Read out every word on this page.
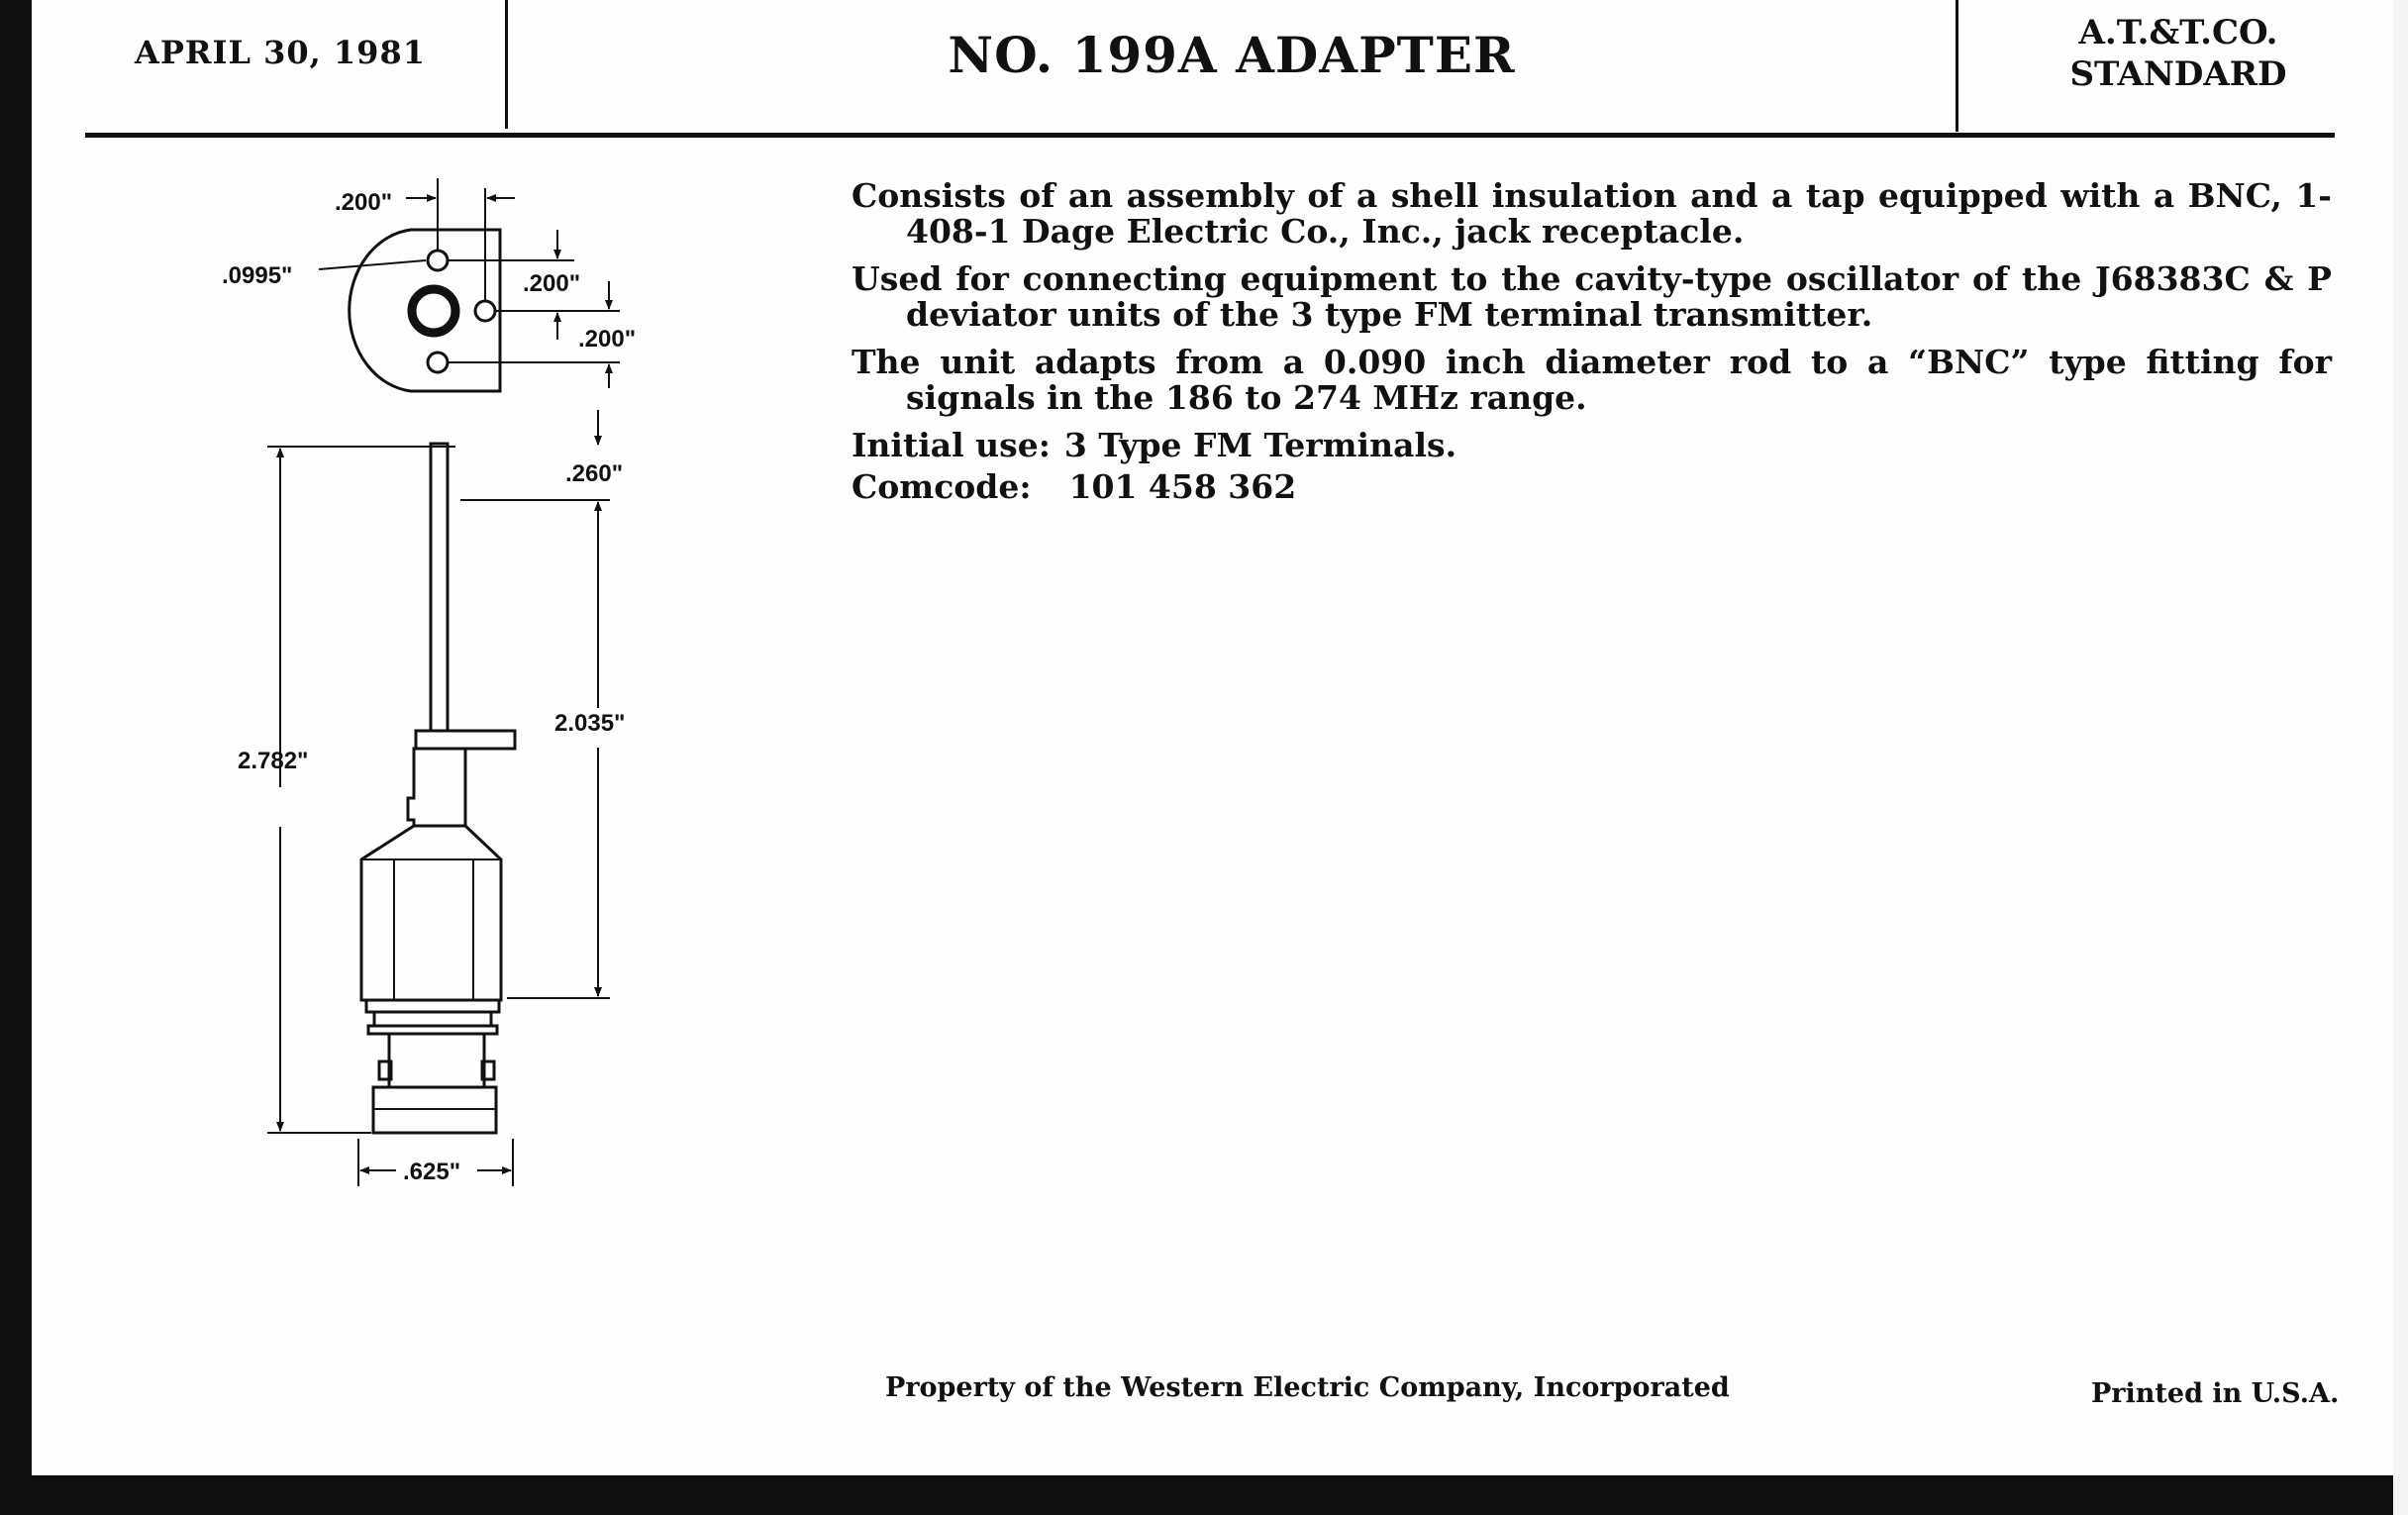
APRIL 30, 1981	NO. 199A ADAPTER	A.T.&T.CO.
STANDARD
.200"
.0995"	.200"
.200"
.260"
2.035"
2.782"
.625"

Consists of an assembly of a shell insulation and a tap equipped with a BNC, 1-408-1 Dage Electric Co., Inc., jack receptacle.

Used for connecting equipment to the cavity-type oscillator of the J68383C & P deviator units of the 3 type FM terminal transmitter.

The unit adapts from a 0.090 inch diameter rod to a “BNC” type fitting for signals in the 186 to 274 MHz range.

Initial use: 3 Type FM Terminals.
Comcode: 101 458 362
Property of the Western Electric Company, Incorporated	Printed in U.S.A.
